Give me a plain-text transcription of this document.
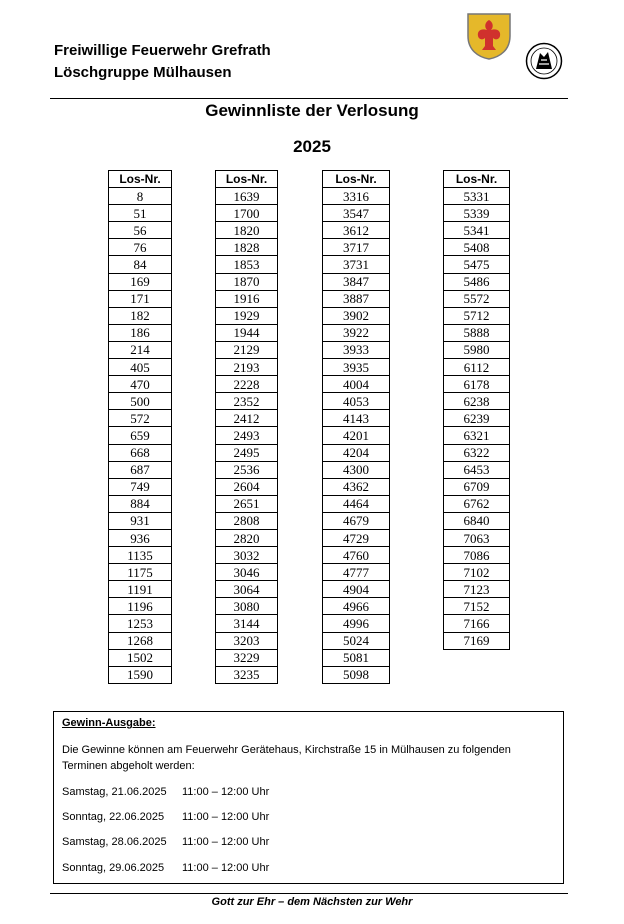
Freiwillige Feuerwehr Grefrath
Löschgruppe Mülhausen
Gewinnliste der Verlosung
2025
Los-Nr.
8
51
56
76
84
169
171
182
186
214
405
470
500
572
659
668
687
749
884
931
936
1135
1175
1191
1196
1253
1268
1502
1590
Los-Nr.
1639
1700
1820
1828
1853
1870
1916
1929
1944
2129
2193
2228
2352
2412
2493
2495
2536
2604
2651
2808
2820
3032
3046
3064
3080
3144
3203
3229
3235
Los-Nr.
3316
3547
3612
3717
3731
3847
3887
3902
3922
3933
3935
4004
4053
4143
4201
4204
4300
4362
4464
4679
4729
4760
4777
4904
4966
4996
5024
5081
5098
Los-Nr.
5331
5339
5341
5408
5475
5486
5572
5712
5888
5980
6112
6178
6238
6239
6321
6322
6453
6709
6762
6840
7063
7086
7102
7123
7152
7166
7169
Gewinn-Ausgabe:
Die Gewinne können am Feuerwehr Gerätehaus, Kirchstraße 15 in Mülhausen zu folgenden Terminen abgeholt werden:
Samstag, 21.06.2025 11:00 – 12:00 Uhr
Sonntag, 22.06.2025 11:00 – 12:00 Uhr
Samstag, 28.06.2025 11:00 – 12:00 Uhr
Sonntag, 29.06.2025 11:00 – 12:00 Uhr
Gott zur Ehr – dem Nächsten zur Wehr
